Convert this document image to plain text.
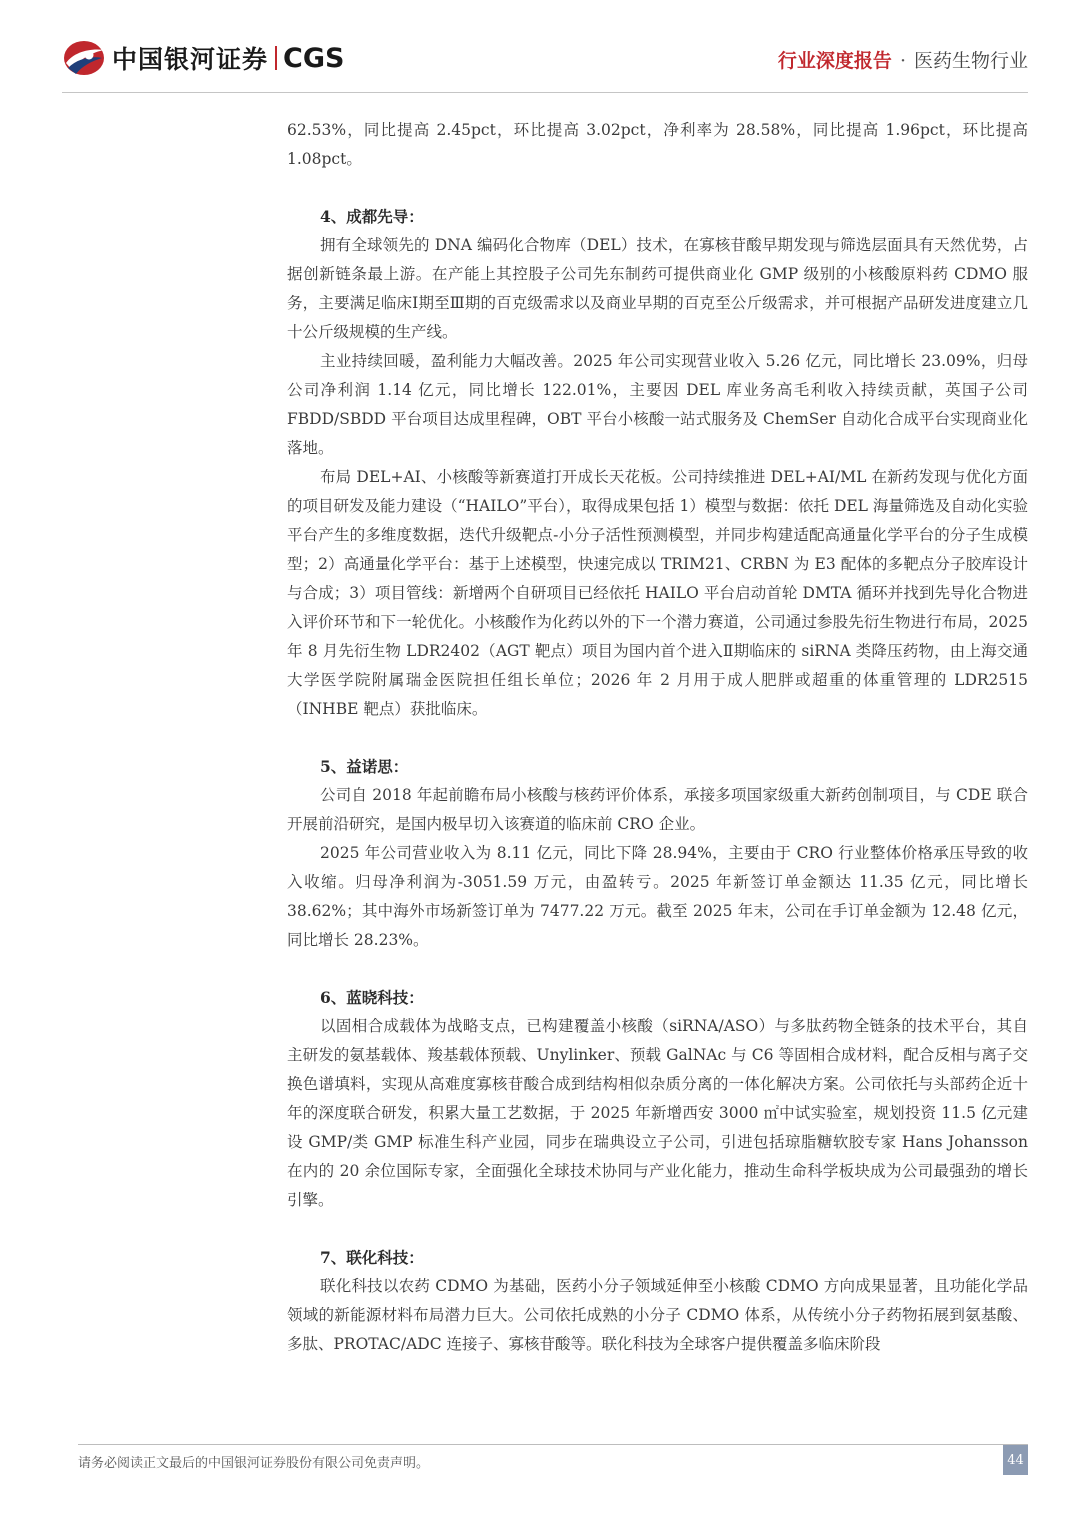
中国银河证券 CGS	行业深度报告 · 医药生物行业

62.53%，同比提高 2.45pct，环比提高 3.02pct，净利率为 28.58%，同比提高 1.96pct，环比提高 1.08pct。

4、成都先导：

拥有全球领先的 DNA 编码化合物库（DEL）技术，在寡核苷酸早期发现与筛选层面具有天然优势，占据创新链条最上游。在产能上其控股子公司先东制药可提供商业化 GMP 级别的小核酸原料药 CDMO 服务，主要满足临床Ⅰ期至Ⅲ期的百克级需求以及商业早期的百克至公斤级需求，并可根据产品研发进度建立几十公斤级规模的生产线。

主业持续回暖，盈利能力大幅改善。2025 年公司实现营业收入 5.26 亿元，同比增长 23.09%，归母公司净利润 1.14 亿元，同比增长 122.01%，主要因 DEL 库业务高毛利收入持续贡献，英国子公司 FBDD/SBDD 平台项目达成里程碑，OBT 平台小核酸一站式服务及 ChemSer 自动化合成平台实现商业化落地。

布局 DEL+AI、小核酸等新赛道打开成长天花板。公司持续推进 DEL+AI/ML 在新药发现与优化方面的项目研发及能力建设（“HAILO”平台），取得成果包括 1）模型与数据：依托 DEL 海量筛选及自动化实验平台产生的多维度数据，迭代升级靶点-小分子活性预测模型，并同步构建适配高通量化学平台的分子生成模型；2）高通量化学平台：基于上述模型，快速完成以 TRIM21、CRBN 为 E3 配体的多靶点分子胶库设计与合成；3）项目管线：新增两个自研项目已经依托 HAILO 平台启动首轮 DMTA 循环并找到先导化合物进入评价环节和下一轮优化。小核酸作为化药以外的下一个潜力赛道，公司通过参股先衍生物进行布局，2025 年 8 月先衍生物 LDR2402（AGT 靶点）项目为国内首个进入Ⅱ期临床的 siRNA 类降压药物，由上海交通大学医学院附属瑞金医院担任组长单位；2026 年 2 月用于成人肥胖或超重的体重管理的 LDR2515（INHBE 靶点）获批临床。

5、益诺思：

公司自 2018 年起前瞻布局小核酸与核药评价体系，承接多项国家级重大新药创制项目，与 CDE 联合开展前沿研究，是国内极早切入该赛道的临床前 CRO 企业。

2025 年公司营业收入为 8.11 亿元，同比下降 28.94%，主要由于 CRO 行业整体价格承压导致的收入收缩。归母净利润为-3051.59 万元，由盈转亏。2025 年新签订单金额达 11.35 亿元，同比增长 38.62%；其中海外市场新签订单为 7477.22 万元。截至 2025 年末，公司在手订单金额为 12.48 亿元，同比增长 28.23%。

6、蓝晓科技：

以固相合成载体为战略支点，已构建覆盖小核酸（siRNA/ASO）与多肽药物全链条的技术平台，其自主研发的氨基载体、羧基载体预载、Unylinker、预载 GalNAc 与 C6 等固相合成材料，配合反相与离子交换色谱填料，实现从高难度寡核苷酸合成到结构相似杂质分离的一体化解决方案。公司依托与头部药企近十年的深度联合研发，积累大量工艺数据，于 2025 年新增西安 3000 ㎡中试实验室，规划投资 11.5 亿元建设 GMP/类 GMP 标准生科产业园，同步在瑞典设立子公司，引进包括琼脂糖软胶专家 Hans Johansson 在内的 20 余位国际专家，全面强化全球技术协同与产业化能力，推动生命科学板块成为公司最强劲的增长引擎。

7、联化科技：

联化科技以农药 CDMO 为基础，医药小分子领域延伸至小核酸 CDMO 方向成果显著，且功能化学品领域的新能源材料布局潜力巨大。公司依托成熟的小分子 CDMO 体系，从传统小分子药物拓展到氨基酸、多肽、PROTAC/ADC 连接子、寡核苷酸等。联化科技为全球客户提供覆盖多临床阶段

请务必阅读正文最后的中国银河证券股份有限公司免责声明。	44
